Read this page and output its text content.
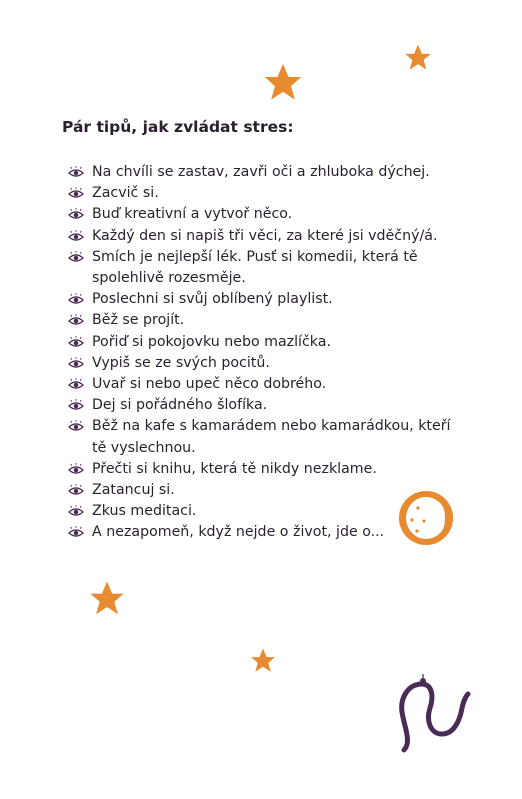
Pár tipů, jak zvládat stres:
Na chvíli se zastav, zavři oči a zhluboka dýchej.
Zacvič si.
Buď kreativní a vytvoř něco.
Každý den si napiš tři věci, za které jsi vděčný/á.
Smích je nejlepší lék. Pusť si komedii, která tě spolehlivě rozesměje.
Poslechni si svůj oblíbený playlist.
Běž se projít.
Pořiď si pokojovku nebo mazlíčka.
Vypiš se ze svých pocitů.
Uvař si nebo upeč něco dobrého.
Dej si pořádného šlofíka.
Běž na kafe s kamarádem nebo kamarádkou, kteří tě vyslechnou.
Přečti si knihu, která tě nikdy nezklame.
Zatancuj si.
Zkus meditaci.
A nezapomeň, když nejde o život, jde o...
